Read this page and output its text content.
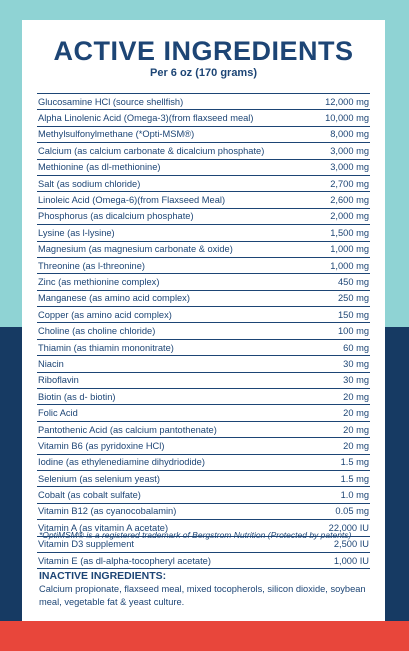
ACTIVE INGREDIENTS
Per 6 oz (170 grams)
Glucosamine HCl (source shellfish)	12,000 mg
Alpha Linolenic Acid (Omega-3)(from flaxseed meal)	10,000 mg
Methylsulfonylmethane (*Opti-MSM®)	8,000 mg
Calcium (as calcium carbonate & dicalcium phosphate)	3,000 mg
Methionine (as dl-methionine)	3,000 mg
Salt (as sodium chloride)	2,700 mg
Linoleic Acid (Omega-6)(from Flaxseed Meal)	2,600 mg
Phosphorus (as dicalcium phosphate)	2,000 mg
Lysine (as l-lysine)	1,500 mg
Magnesium (as magnesium carbonate & oxide)	1,000 mg
Threonine (as l-threonine)	1,000 mg
Zinc (as methionine complex)	450 mg
Manganese (as amino acid complex)	250 mg
Copper (as amino acid complex)	150 mg
Choline (as choline chloride)	100 mg
Thiamin (as thiamin mononitrate)	60 mg
Niacin	30 mg
Riboflavin	30 mg
Biotin (as d- biotin)	20 mg
Folic Acid	20 mg
Pantothenic Acid (as calcium pantothenate)	20 mg
Vitamin B6 (as pyridoxine HCl)	20 mg
Iodine (as ethylenediamine dihydriodide)	1.5 mg
Selenium (as selenium yeast)	1.5 mg
Cobalt (as cobalt sulfate)	1.0 mg
Vitamin B12 (as cyanocobalamin)	0.05 mg
Vitamin A (as vitamin A acetate)	22,000 IU
Vitamin D3 supplement	2,500 IU
Vitamin E (as dl-alpha-tocopheryl acetate)	1,000 IU
*OptiMSM® is a registered trademark of Bergstrom Nutrition (Protected by patents)
INACTIVE INGREDIENTS:
Calcium propionate, flaxseed meal, mixed tocopherols, silicon dioxide, soybean meal, vegetable fat & yeast culture.
